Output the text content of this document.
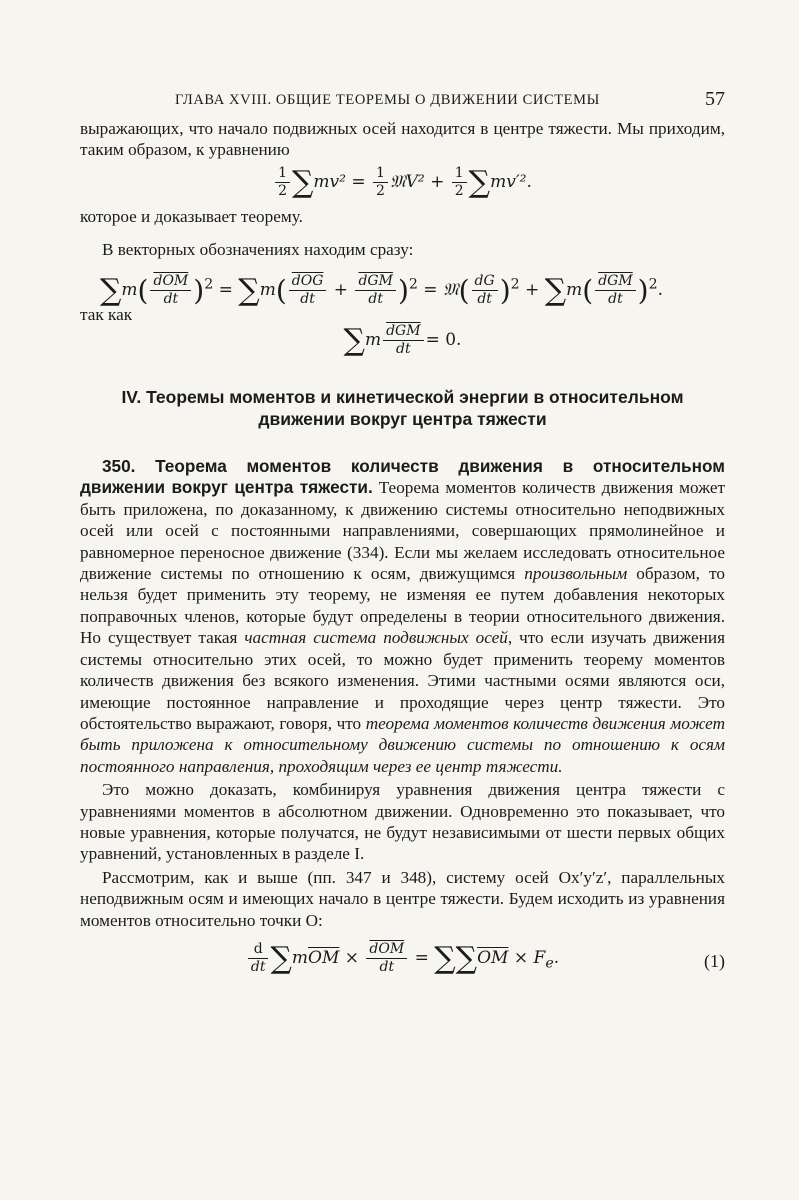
ГЛАВА XVIII. ОБЩИЕ ТЕОРЕМЫ О ДВИЖЕНИИ СИСТЕМЫ	57

выражающих, что начало подвижных осей находится в центре тяжести. Мы приходим, таким образом, к уравнению

$\frac{1}{2} \sum mv^2 = \frac{1}{2}$ 𝔐V² + $\frac{1}{2} \sum mv'^2$.

которое и доказывает теорему.

В векторных обозначениях находим сразу:

$\sum m( \frac{\overline{dOM}}{dt} )^2 = \sum m( \frac{\overline{dOG}}{dt} + \frac{\overline{dGM}}{dt} )^2$ = 𝔐( $\frac{dG}{dt} )^2 + \sum m( \frac{\overline{dGM}}{dt} )^2$.

так как

$\sum m \frac{\overline{dGM}}{dt} = 0$.
IV. Теоремы моментов и кинетической энергии в относительном движении вокруг центра тяжести

350. Теорема моментов количеств движения в относительном движении вокруг центра тяжести. Теорема моментов количеств движения может быть приложена, по доказанному, к движению системы относительно неподвижных осей или осей с постоянными направлениями, совершающих прямолинейное и равномерное переносное движение (334). Если мы желаем исследовать относительное движение системы по отношению к осям, движущимся произвольным образом, то нельзя будет применить эту теорему, не изменяя ее путем добавления некоторых поправочных членов, которые будут определены в теории относительного движения. Но существует такая частная система подвижных осей, что если изучать движения системы относительно этих осей, то можно будет применить теорему моментов количеств движения без всякого изменения. Этими частными осями являются оси, имеющие постоянное направление и проходящие через центр тяжести. Это обстоятельство выражают, говоря, что теорема моментов количеств движения может быть приложена к относительному движению системы по отношению к осям постоянного направления, проходящим через ее центр тяжести.

Это можно доказать, комбинируя уравнения движения центра тяжести с уравнениями моментов в абсолютном движении. Одновременно это показывает, что новые уравнения, которые получатся, не будут независимыми от шести первых общих уравнений, установленных в разделе I.

Рассмотрим, как и выше (пп. 347 и 348), систему осей Ox′y′z′, параллельных неподвижным осям и имеющих начало в центре тяжести. Будем исходить из уравнения моментов относительно точки O:

$\frac{d}{dt} \sum m\overline{OM} \times \frac{\overline{dOM}}{dt} = \sum\sum\overline{OM} \times F_e$.	(1)
